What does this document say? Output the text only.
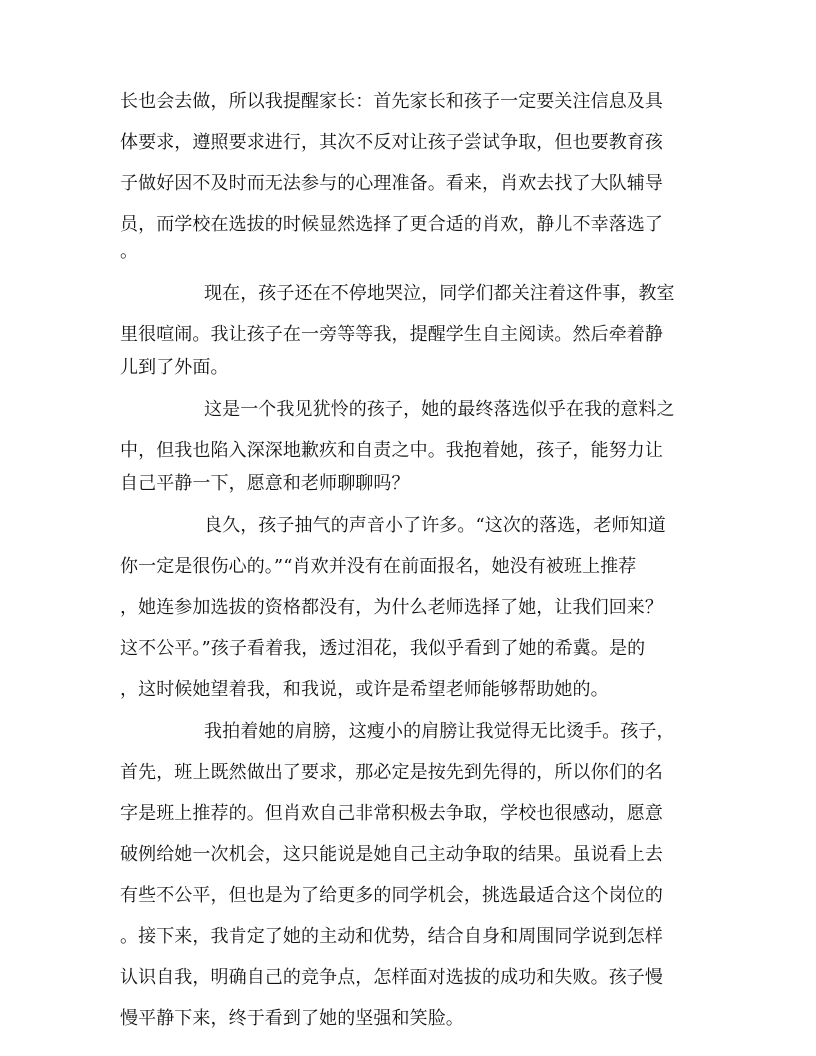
长也会去做，所以我提醒家长：首先家长和孩子一定要关注信息及具
体要求，遵照要求进行，其次不反对让孩子尝试争取，但也要教育孩
子做好因不及时而无法参与的心理准备。看来，肖欢去找了大队辅导
员，而学校在选拔的时候显然选择了更合适的肖欢，静儿不幸落选了
。
现在，孩子还在不停地哭泣，同学们都关注着这件事，教室
里很喧闹。我让孩子在一旁等等我，提醒学生自主阅读。然后牵着静
儿到了外面。
这是一个我见犹怜的孩子，她的最终落选似乎在我的意料之
中，但我也陷入深深地歉疚和自责之中。我抱着她，孩子，能努力让
自己平静一下，愿意和老师聊聊吗？
良久，孩子抽气的声音小了许多。“这次的落选，老师知道
你一定是很伤心的。”“肖欢并没有在前面报名，她没有被班上推荐
，她连参加选拔的资格都没有，为什么老师选择了她，让我们回来？
这不公平。”孩子看着我，透过泪花，我似乎看到了她的希冀。是的
，这时候她望着我，和我说，或许是希望老师能够帮助她的。
我拍着她的肩膀，这瘦小的肩膀让我觉得无比烫手。孩子，
首先，班上既然做出了要求，那必定是按先到先得的，所以你们的名
字是班上推荐的。但肖欢自己非常积极去争取，学校也很感动，愿意
破例给她一次机会，这只能说是她自己主动争取的结果。虽说看上去
有些不公平，但也是为了给更多的同学机会，挑选最适合这个岗位的
。接下来，我肯定了她的主动和优势，结合自身和周围同学说到怎样
认识自我，明确自己的竞争点，怎样面对选拔的成功和失败。孩子慢
慢平静下来，终于看到了她的坚强和笑脸。
